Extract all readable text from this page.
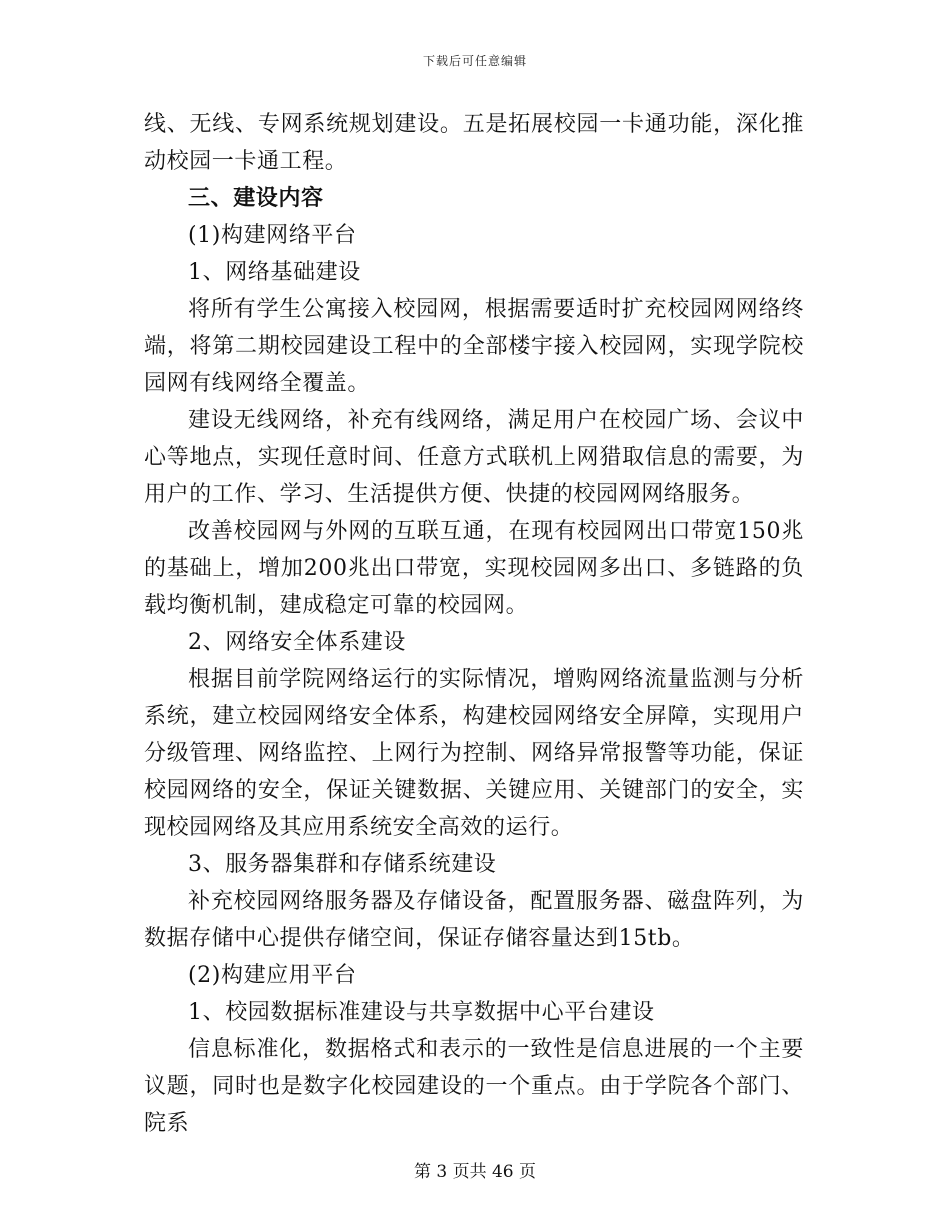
下载后可任意编辑

线、无线、专网系统规划建设。五是拓展校园一卡通功能，深化推动校园一卡通工程。

三、建设内容

(1)构建网络平台

1、网络基础建设

将所有学生公寓接入校园网，根据需要适时扩充校园网网络终端，将第二期校园建设工程中的全部楼宇接入校园网，实现学院校园网有线网络全覆盖。

建设无线网络，补充有线网络，满足用户在校园广场、会议中心等地点，实现任意时间、任意方式联机上网猎取信息的需要，为用户的工作、学习、生活提供方便、快捷的校园网网络服务。

改善校园网与外网的互联互通，在现有校园网出口带宽150兆的基础上，增加200兆出口带宽，实现校园网多出口、多链路的负载均衡机制，建成稳定可靠的校园网。

2、网络安全体系建设

根据目前学院网络运行的实际情况，增购网络流量监测与分析系统，建立校园网络安全体系，构建校园网络安全屏障，实现用户分级管理、网络监控、上网行为控制、网络异常报警等功能，保证校园网络的安全，保证关键数据、关键应用、关键部门的安全，实现校园网络及其应用系统安全高效的运行。

3、服务器集群和存储系统建设

补充校园网络服务器及存储设备，配置服务器、磁盘阵列，为数据存储中心提供存储空间，保证存储容量达到15tb。

(2)构建应用平台

1、校园数据标准建设与共享数据中心平台建设

信息标准化，数据格式和表示的一致性是信息进展的一个主要议题，同时也是数字化校园建设的一个重点。由于学院各个部门、院系

第 3 页共 46 页
